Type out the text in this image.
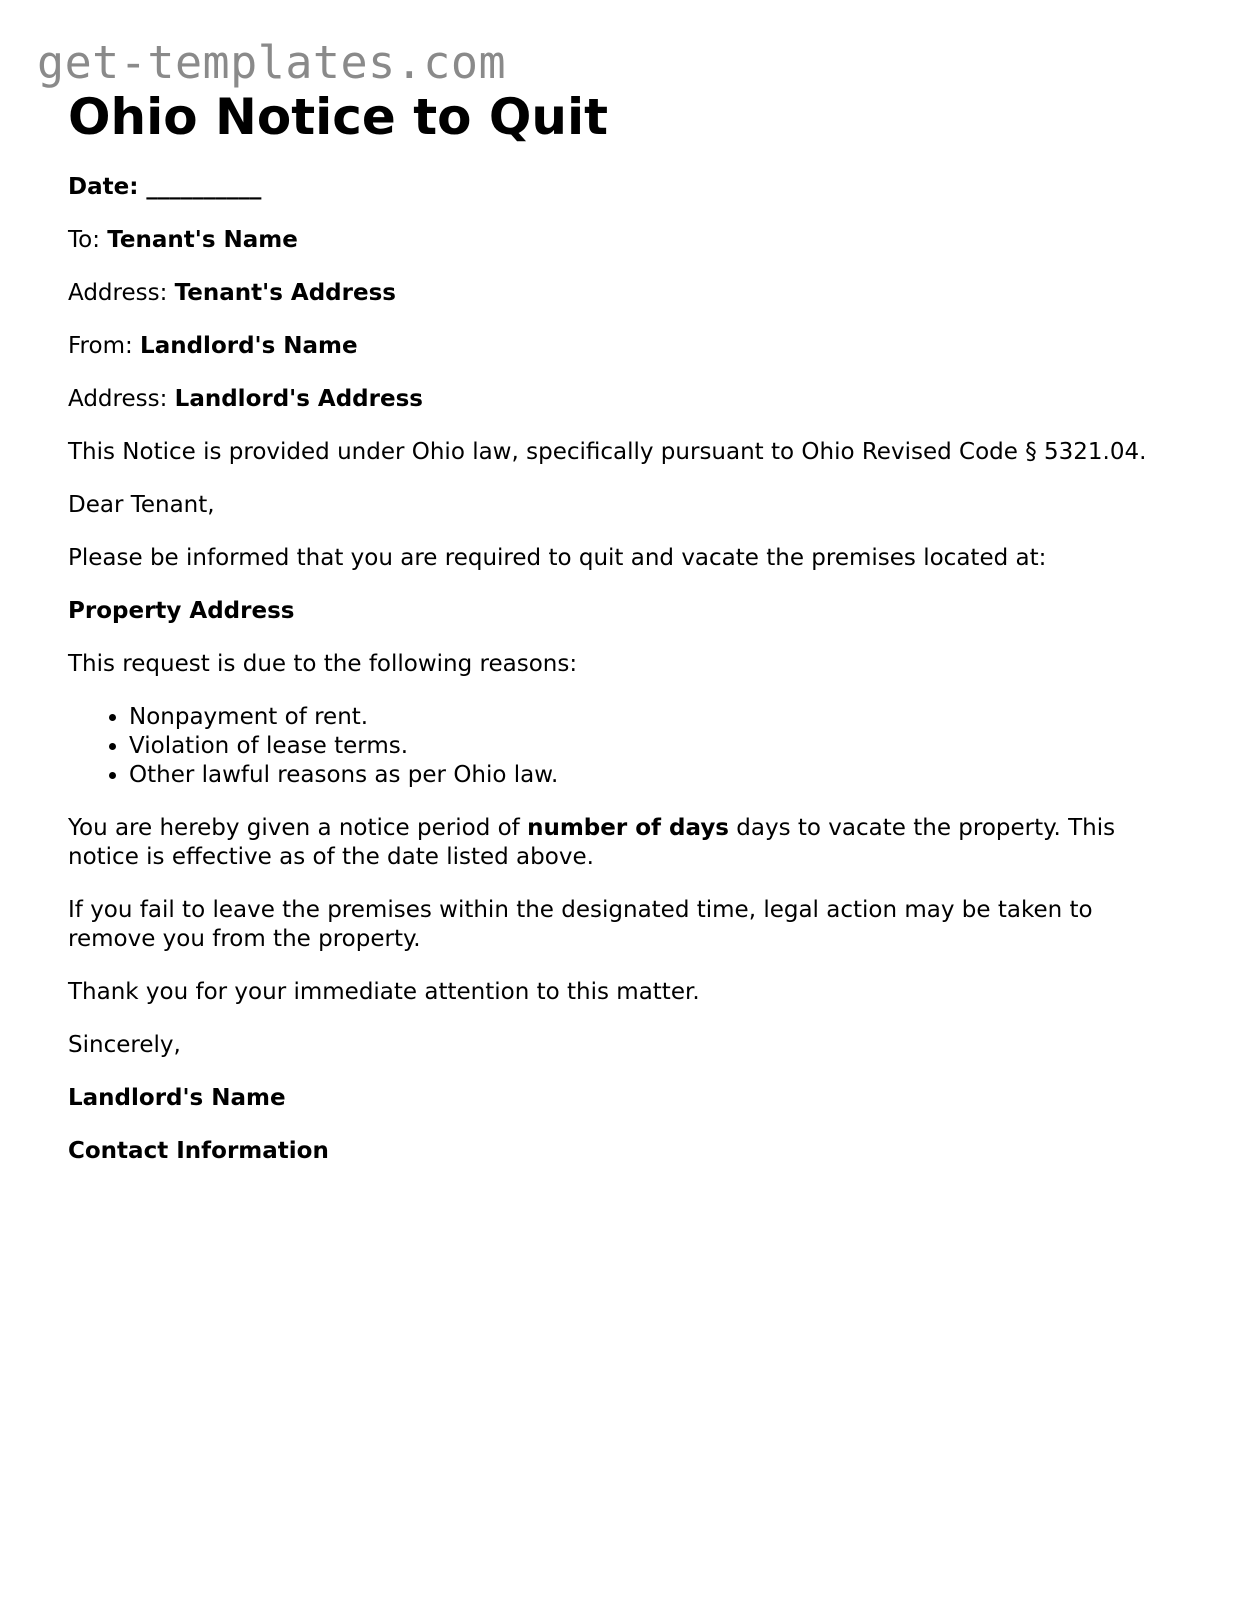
get-templates.com
Ohio Notice to Quit

Date: __________

To: Tenant's Name

Address: Tenant's Address

From: Landlord's Name

Address: Landlord's Address

This Notice is provided under Ohio law, specifically pursuant to Ohio Revised Code § 5321.04.

Dear Tenant,

Please be informed that you are required to quit and vacate the premises located at:

Property Address

This request is due to the following reasons:

• Nonpayment of rent.
• Violation of lease terms.
• Other lawful reasons as per Ohio law.

You are hereby given a notice period of number of days days to vacate the property. This notice is effective as of the date listed above.

If you fail to leave the premises within the designated time, legal action may be taken to remove you from the property.

Thank you for your immediate attention to this matter.

Sincerely,

Landlord's Name

Contact Information
